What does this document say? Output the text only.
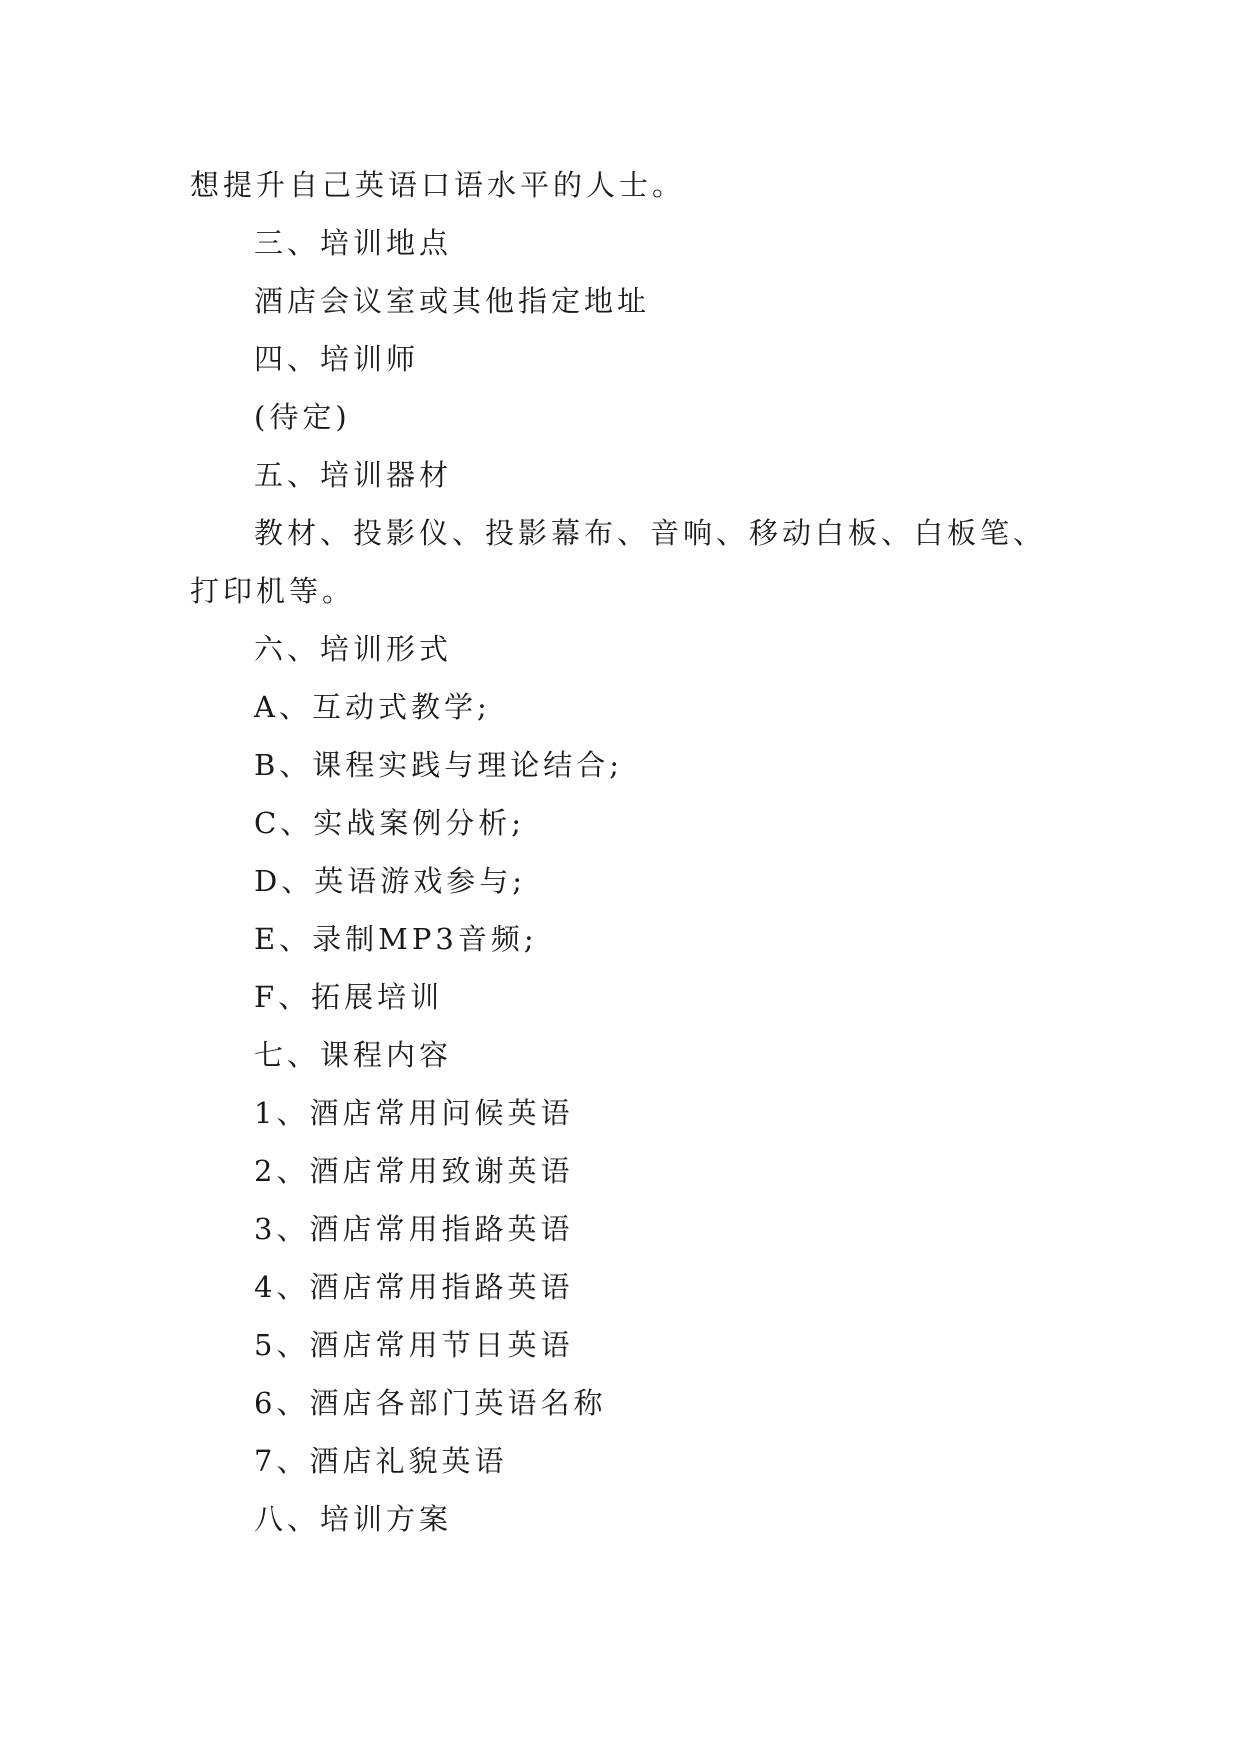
想提升自己英语口语水平的人士。
三、培训地点
酒店会议室或其他指定地址
四、培训师
(待定)
五、培训器材
教材、投影仪、投影幕布、音响、移动白板、白板笔、
打印机等。
六、培训形式
A、互动式教学;
B、课程实践与理论结合;
C、实战案例分析;
D、英语游戏参与;
E、录制MP3音频;
F、拓展培训
七、课程内容
1、酒店常用问候英语
2、酒店常用致谢英语
3、酒店常用指路英语
4、酒店常用指路英语
5、酒店常用节日英语
6、酒店各部门英语名称
7、酒店礼貌英语
八、培训方案
